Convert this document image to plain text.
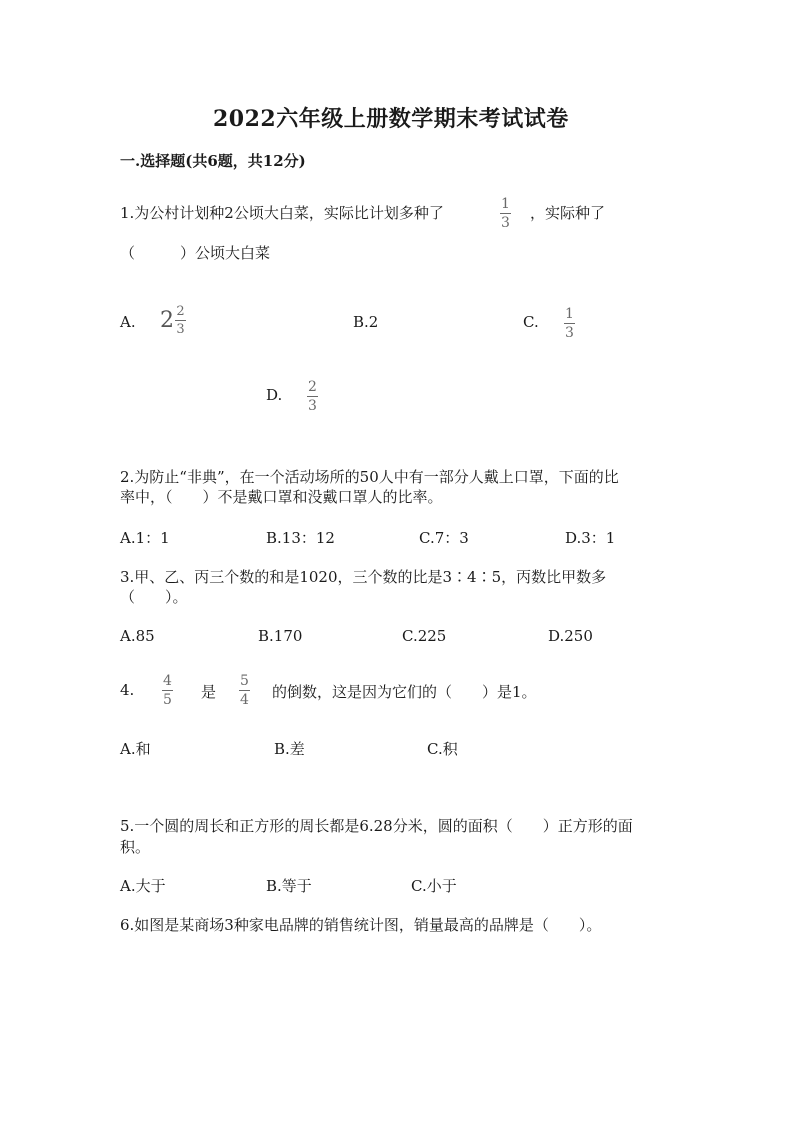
2022六年级上册数学期末考试试卷
一.选择题(共6题，共12分)
1.为公村计划种2公顷大白菜，实际比计划多种了	1
3
，实际种了
（　　　）公顷大白菜
A. $2 \frac{2}{3}$	B.2	C. 1
3
D. 2
3
2.为防止“非典”，在一个活动场所的50人中有一部分人戴上口罩，下面的比
率中，（　　）不是戴口罩和没戴口罩人的比率。
A.1：1	B.13：12	C.7：3	D.3：1
3.甲、乙、丙三个数的和是1020，三个数的比是3∶4∶5，丙数比甲数多
（　　）。
A.85	B.170	C.225	D.250
4. 4
5 是
5
4 的倒数，这是因为它们的（　　）是1。
A.和	B.差	C.积
5.一个圆的周长和正方形的周长都是6.28分米，圆的面积（　　）正方形的面
积。
A.大于	B.等于	C.小于
6.如图是某商场3种家电品牌的销售统计图，销量最高的品牌是（　　）。
